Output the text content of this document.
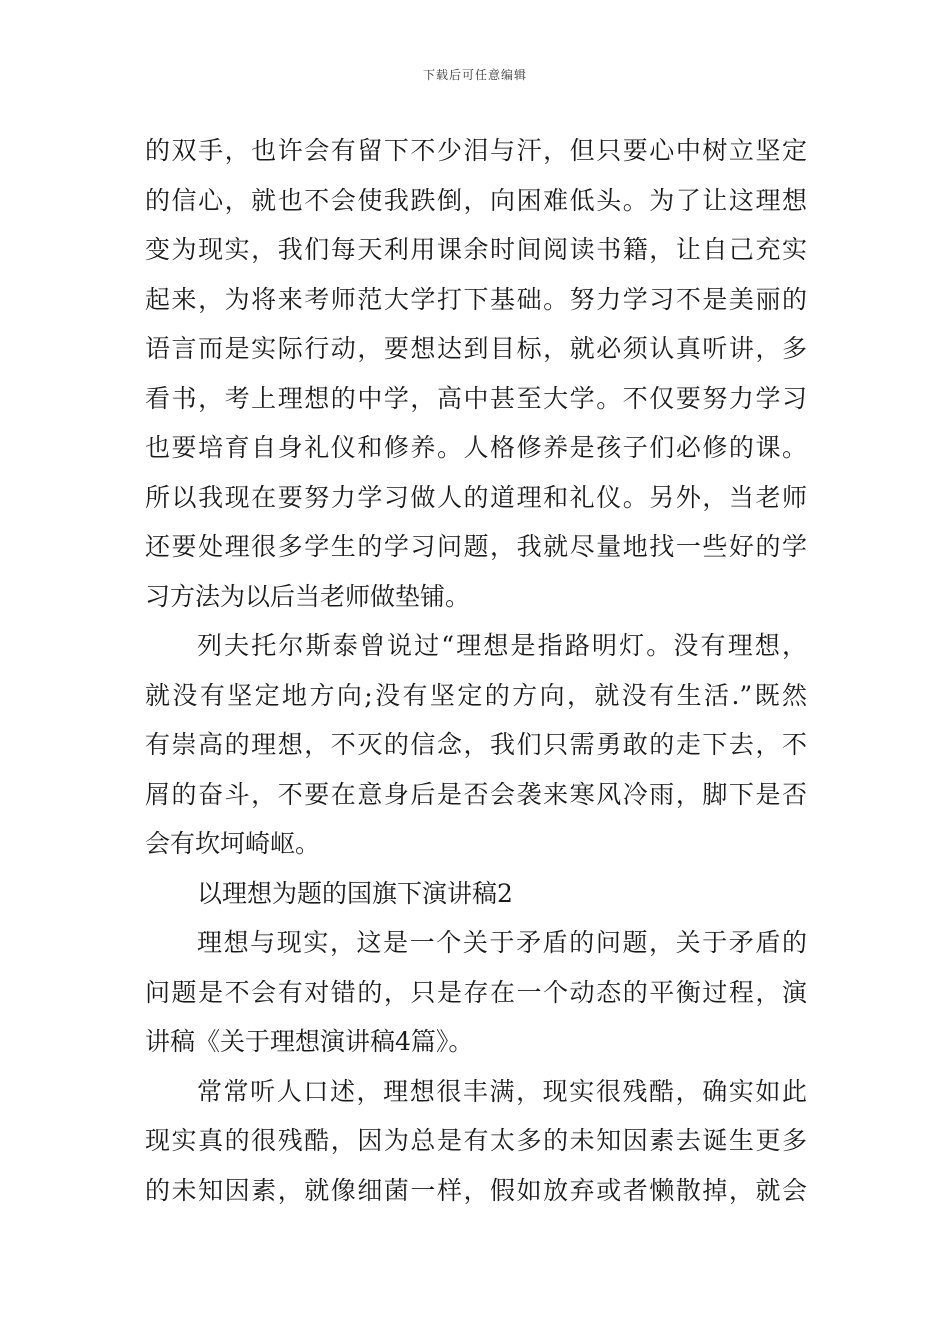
下载后可任意编辑
的双手，也许会有留下不少泪与汗，但只要心中树立坚定
的信心，就也不会使我跌倒，向困难低头。为了让这理想
变为现实，我们每天利用课余时间阅读书籍，让自己充实
起来，为将来考师范大学打下基础。努力学习不是美丽的
语言而是实际行动，要想达到目标，就必须认真听讲，多
看书，考上理想的中学，高中甚至大学。不仅要努力学习
也要培育自身礼仪和修养。人格修养是孩子们必修的课。
所以我现在要努力学习做人的道理和礼仪。另外，当老师
还要处理很多学生的学习问题，我就尽量地找一些好的学
习方法为以后当老师做垫铺。
列夫托尔斯泰曾说过“理想是指路明灯。没有理想，
就没有坚定地方向;没有坚定的方向，就没有生活.”既然
有崇高的理想，不灭的信念，我们只需勇敢的走下去，不
屑的奋斗，不要在意身后是否会袭来寒风冷雨，脚下是否
会有坎坷崎岖。
以理想为题的国旗下演讲稿2
理想与现实，这是一个关于矛盾的问题，关于矛盾的
问题是不会有对错的，只是存在一个动态的平衡过程，演
讲稿《关于理想演讲稿4篇》。
常常听人口述，理想很丰满，现实很残酷，确实如此
现实真的很残酷，因为总是有太多的未知因素去诞生更多
的未知因素，就像细菌一样，假如放弃或者懒散掉，就会
